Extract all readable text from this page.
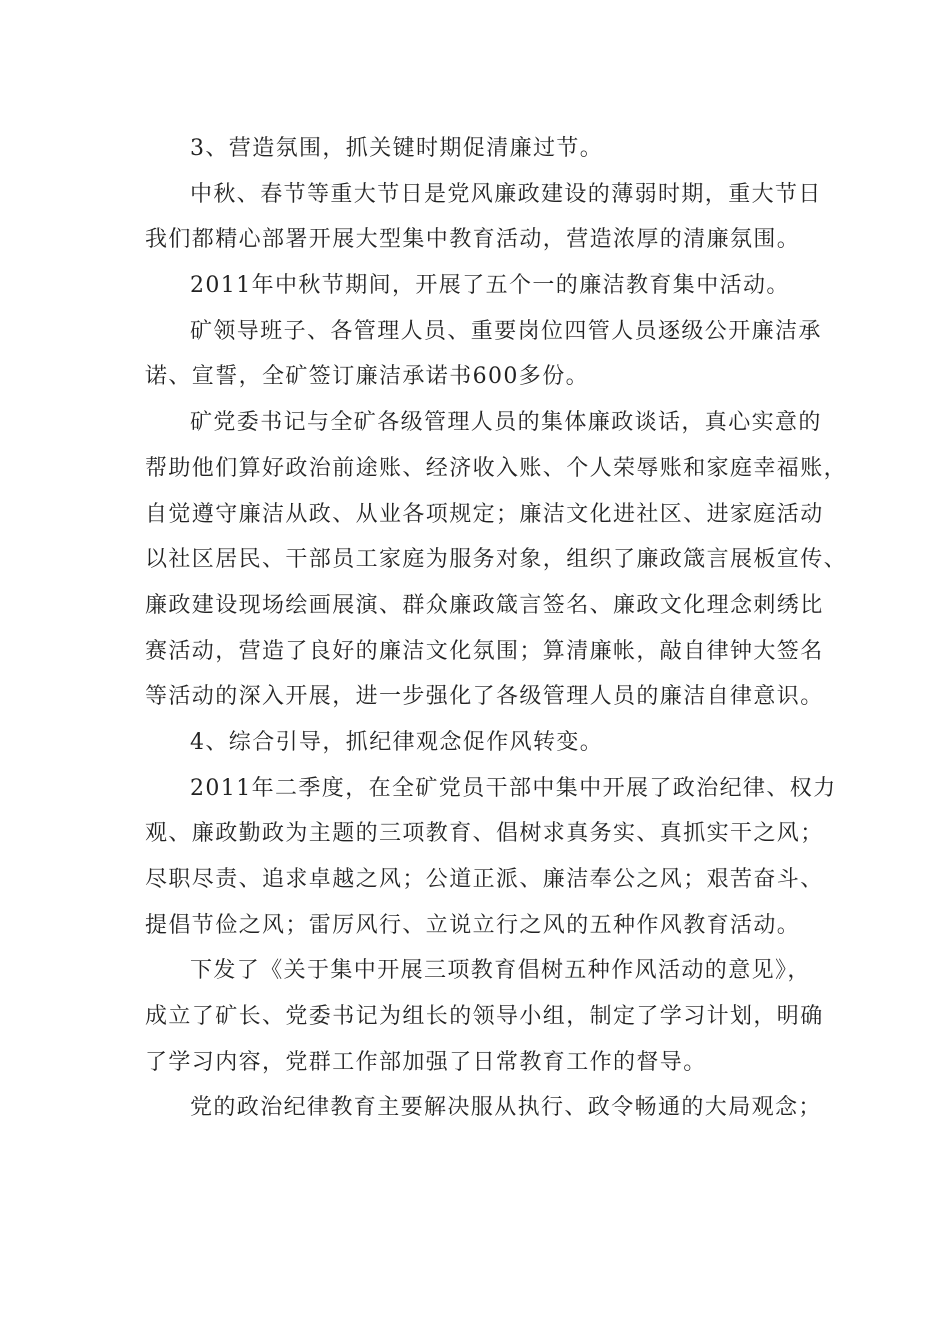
3、营造氛围，抓关键时期促清廉过节。
中秋、春节等重大节日是党风廉政建设的薄弱时期，重大节日
我们都精心部署开展大型集中教育活动，营造浓厚的清廉氛围。
2011年中秋节期间，开展了五个一的廉洁教育集中活动。
矿领导班子、各管理人员、重要岗位四管人员逐级公开廉洁承
诺、宣誓，全矿签订廉洁承诺书600多份。
矿党委书记与全矿各级管理人员的集体廉政谈话，真心实意的
帮助他们算好政治前途账、经济收入账、个人荣辱账和家庭幸福账，
自觉遵守廉洁从政、从业各项规定；廉洁文化进社区、进家庭活动
以社区居民、干部员工家庭为服务对象，组织了廉政箴言展板宣传、
廉政建设现场绘画展演、群众廉政箴言签名、廉政文化理念刺绣比
赛活动，营造了良好的廉洁文化氛围；算清廉帐，敲自律钟大签名
等活动的深入开展，进一步强化了各级管理人员的廉洁自律意识。
4、综合引导，抓纪律观念促作风转变。
2011年二季度，在全矿党员干部中集中开展了政治纪律、权力
观、廉政勤政为主题的三项教育、倡树求真务实、真抓实干之风；
尽职尽责、追求卓越之风；公道正派、廉洁奉公之风；艰苦奋斗、
提倡节俭之风；雷厉风行、立说立行之风的五种作风教育活动。
下发了《关于集中开展三项教育倡树五种作风活动的意见》，
成立了矿长、党委书记为组长的领导小组，制定了学习计划，明确
了学习内容，党群工作部加强了日常教育工作的督导。
党的政治纪律教育主要解决服从执行、政令畅通的大局观念；
